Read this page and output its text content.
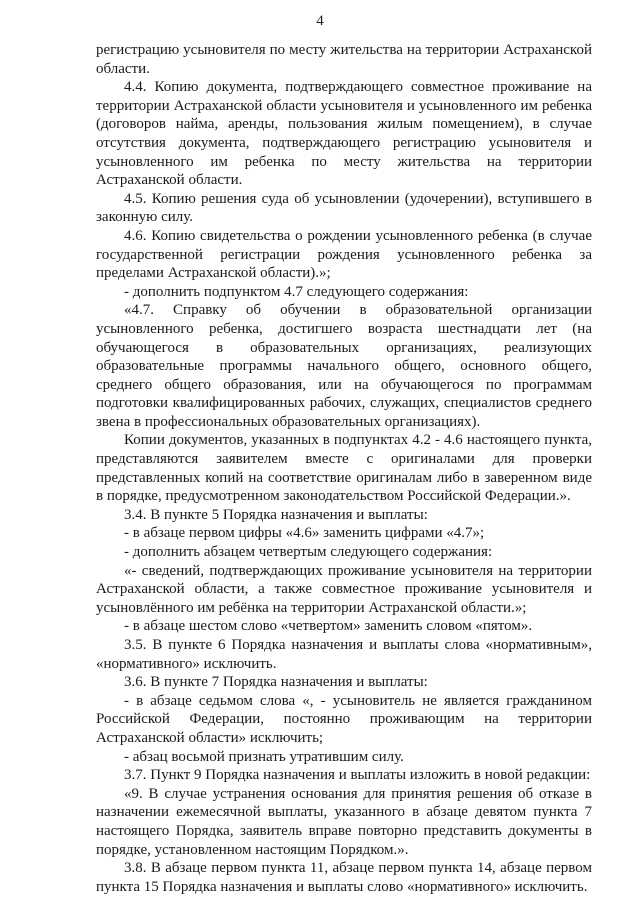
4

регистрацию усыновителя по месту жительства на территории Астраханской области.

4.4. Копию документа, подтверждающего совместное проживание на территории Астраханской области усыновителя и усыновленного им ребенка (договоров найма, аренды, пользования жилым помещением), в случае отсутствия документа, подтверждающего регистрацию усыновителя и усыновленного им ребенка по месту жительства на территории Астраханской области.

4.5. Копию решения суда об усыновлении (удочерении), вступившего в законную силу.

4.6. Копию свидетельства о рождении усыновленного ребенка (в случае государственной регистрации рождения усыновленного ребенка за пределами Астраханской области).»;

- дополнить подпунктом 4.7 следующего содержания:

«4.7. Справку об обучении в образовательной организации усыновленного ребенка, достигшего возраста шестнадцати лет (на обучающегося в образовательных организациях, реализующих образовательные программы начального общего, основного общего, среднего общего образования, или на обучающегося по программам подготовки квалифицированных рабочих, служащих, специалистов среднего звена в профессиональных образовательных организациях).

Копии документов, указанных в подпунктах 4.2 - 4.6 настоящего пункта, представляются заявителем вместе с оригиналами для проверки представленных копий на соответствие оригиналам либо в заверенном виде в порядке, предусмотренном законодательством Российской Федерации.».

3.4. В пункте 5 Порядка назначения и выплаты:

- в абзаце первом цифры «4.6» заменить цифрами «4.7»;

- дополнить абзацем четвертым следующего содержания:

«- сведений, подтверждающих проживание усыновителя на территории Астраханской области, а также совместное проживание усыновителя и усыновлённого им ребёнка на территории Астраханской области.»;

- в абзаце шестом слово «четвертом» заменить словом «пятом».

3.5. В пункте 6 Порядка назначения и выплаты слова «нормативным», «нормативного» исключить.

3.6. В пункте 7 Порядка назначения и выплаты:

- в абзаце седьмом слова «, - усыновитель не является гражданином Российской Федерации, постоянно проживающим на территории Астраханской области» исключить;

- абзац восьмой признать утратившим силу.

3.7. Пункт 9 Порядка назначения и выплаты изложить в новой редакции:

«9. В случае устранения основания для принятия решения об отказе в назначении ежемесячной выплаты, указанного в абзаце девятом пункта 7 настоящего Порядка, заявитель вправе повторно представить документы в порядке, установленном настоящим Порядком.».

3.8. В абзаце первом пункта 11, абзаце первом пункта 14, абзаце первом пункта 15 Порядка назначения и выплаты слово «нормативного» исключить.
